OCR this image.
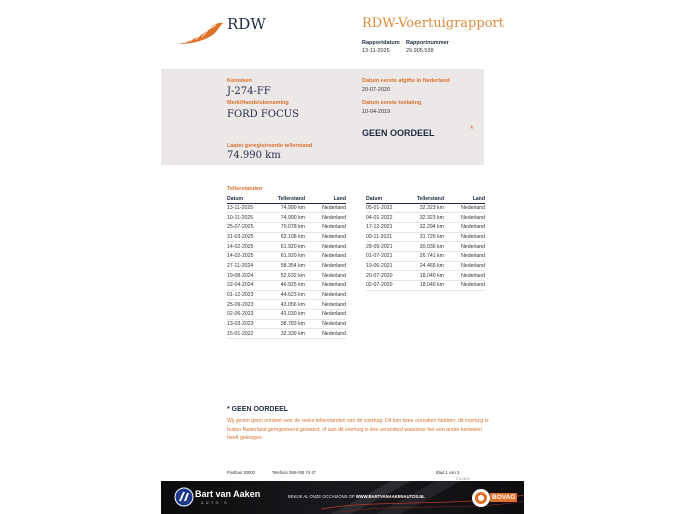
RDW	RDW-Voertuigrapport
Rapportdatum
13-11-2025
Rapportnummer
29.905.538
Kenteken
J-274-FF
Merk/Handelsbenaming
FORD FOCUS
Laatst geregistreerde tellerstand
74.990 km
Datum eerste afgifte in Nederland
20-07-2020
Datum eerste toelating
10-04-2019
GEEN OORDEEL	*
Tellerstanden
Datum	Tellerstand	Land
13-11-2025	74.990 km	Nederland
10-11-2025	74.990 km	Nederland
25-07-2025	70.078 km	Nederland
31-03-2025	63.108 km	Nederland
14-02-2025	61.920 km	Nederland
14-02-2025	61.920 km	Nederland
27-11-2024	58.354 km	Nederland
19-08-2024	52.632 km	Nederland
22-04-2024	46.925 km	Nederland
01-12-2023	44.623 km	Nederland
25-09-2023	43.056 km	Nederland
02-06-2023	43.030 km	Nederland
13-03-2023	38.783 km	Nederland
15-01-2022	32.339 km	Nederland
Datum	Tellerstand	Land
05-01-2022	32.323 km	Nederland
04-01-2022	32.323 km	Nederland
17-12-2021	32.294 km	Nederland
09-11-2021	31.726 km	Nederland
28-09-2021	30.036 km	Nederland
01-07-2021	26.741 km	Nederland
19-06-2021	24.465 km	Nederland
20-07-2020	18.040 km	Nederland
02-07-2020	18.040 km	Nederland
* GEEN OORDEEL
Wij geven geen oordeel over de reeks tellerstanden van dit voertuig. Dit kan twee oorzaken hebben: dit voertuig is buiten Nederland geregistreerd geweest, of aan dit voertuig is iets veranderd waardoor het een ander kenteken heeft gekregen.
Postbus 30000	Telefoon 088-008 74 47	Blad 1 van 3
2.6.1676
Bart van Aaken
AUTO'S
BEKIJK AL ONZE OCCASIONS OP WWW.BARTVANAAKENAUTOS.NL	BOVAG
